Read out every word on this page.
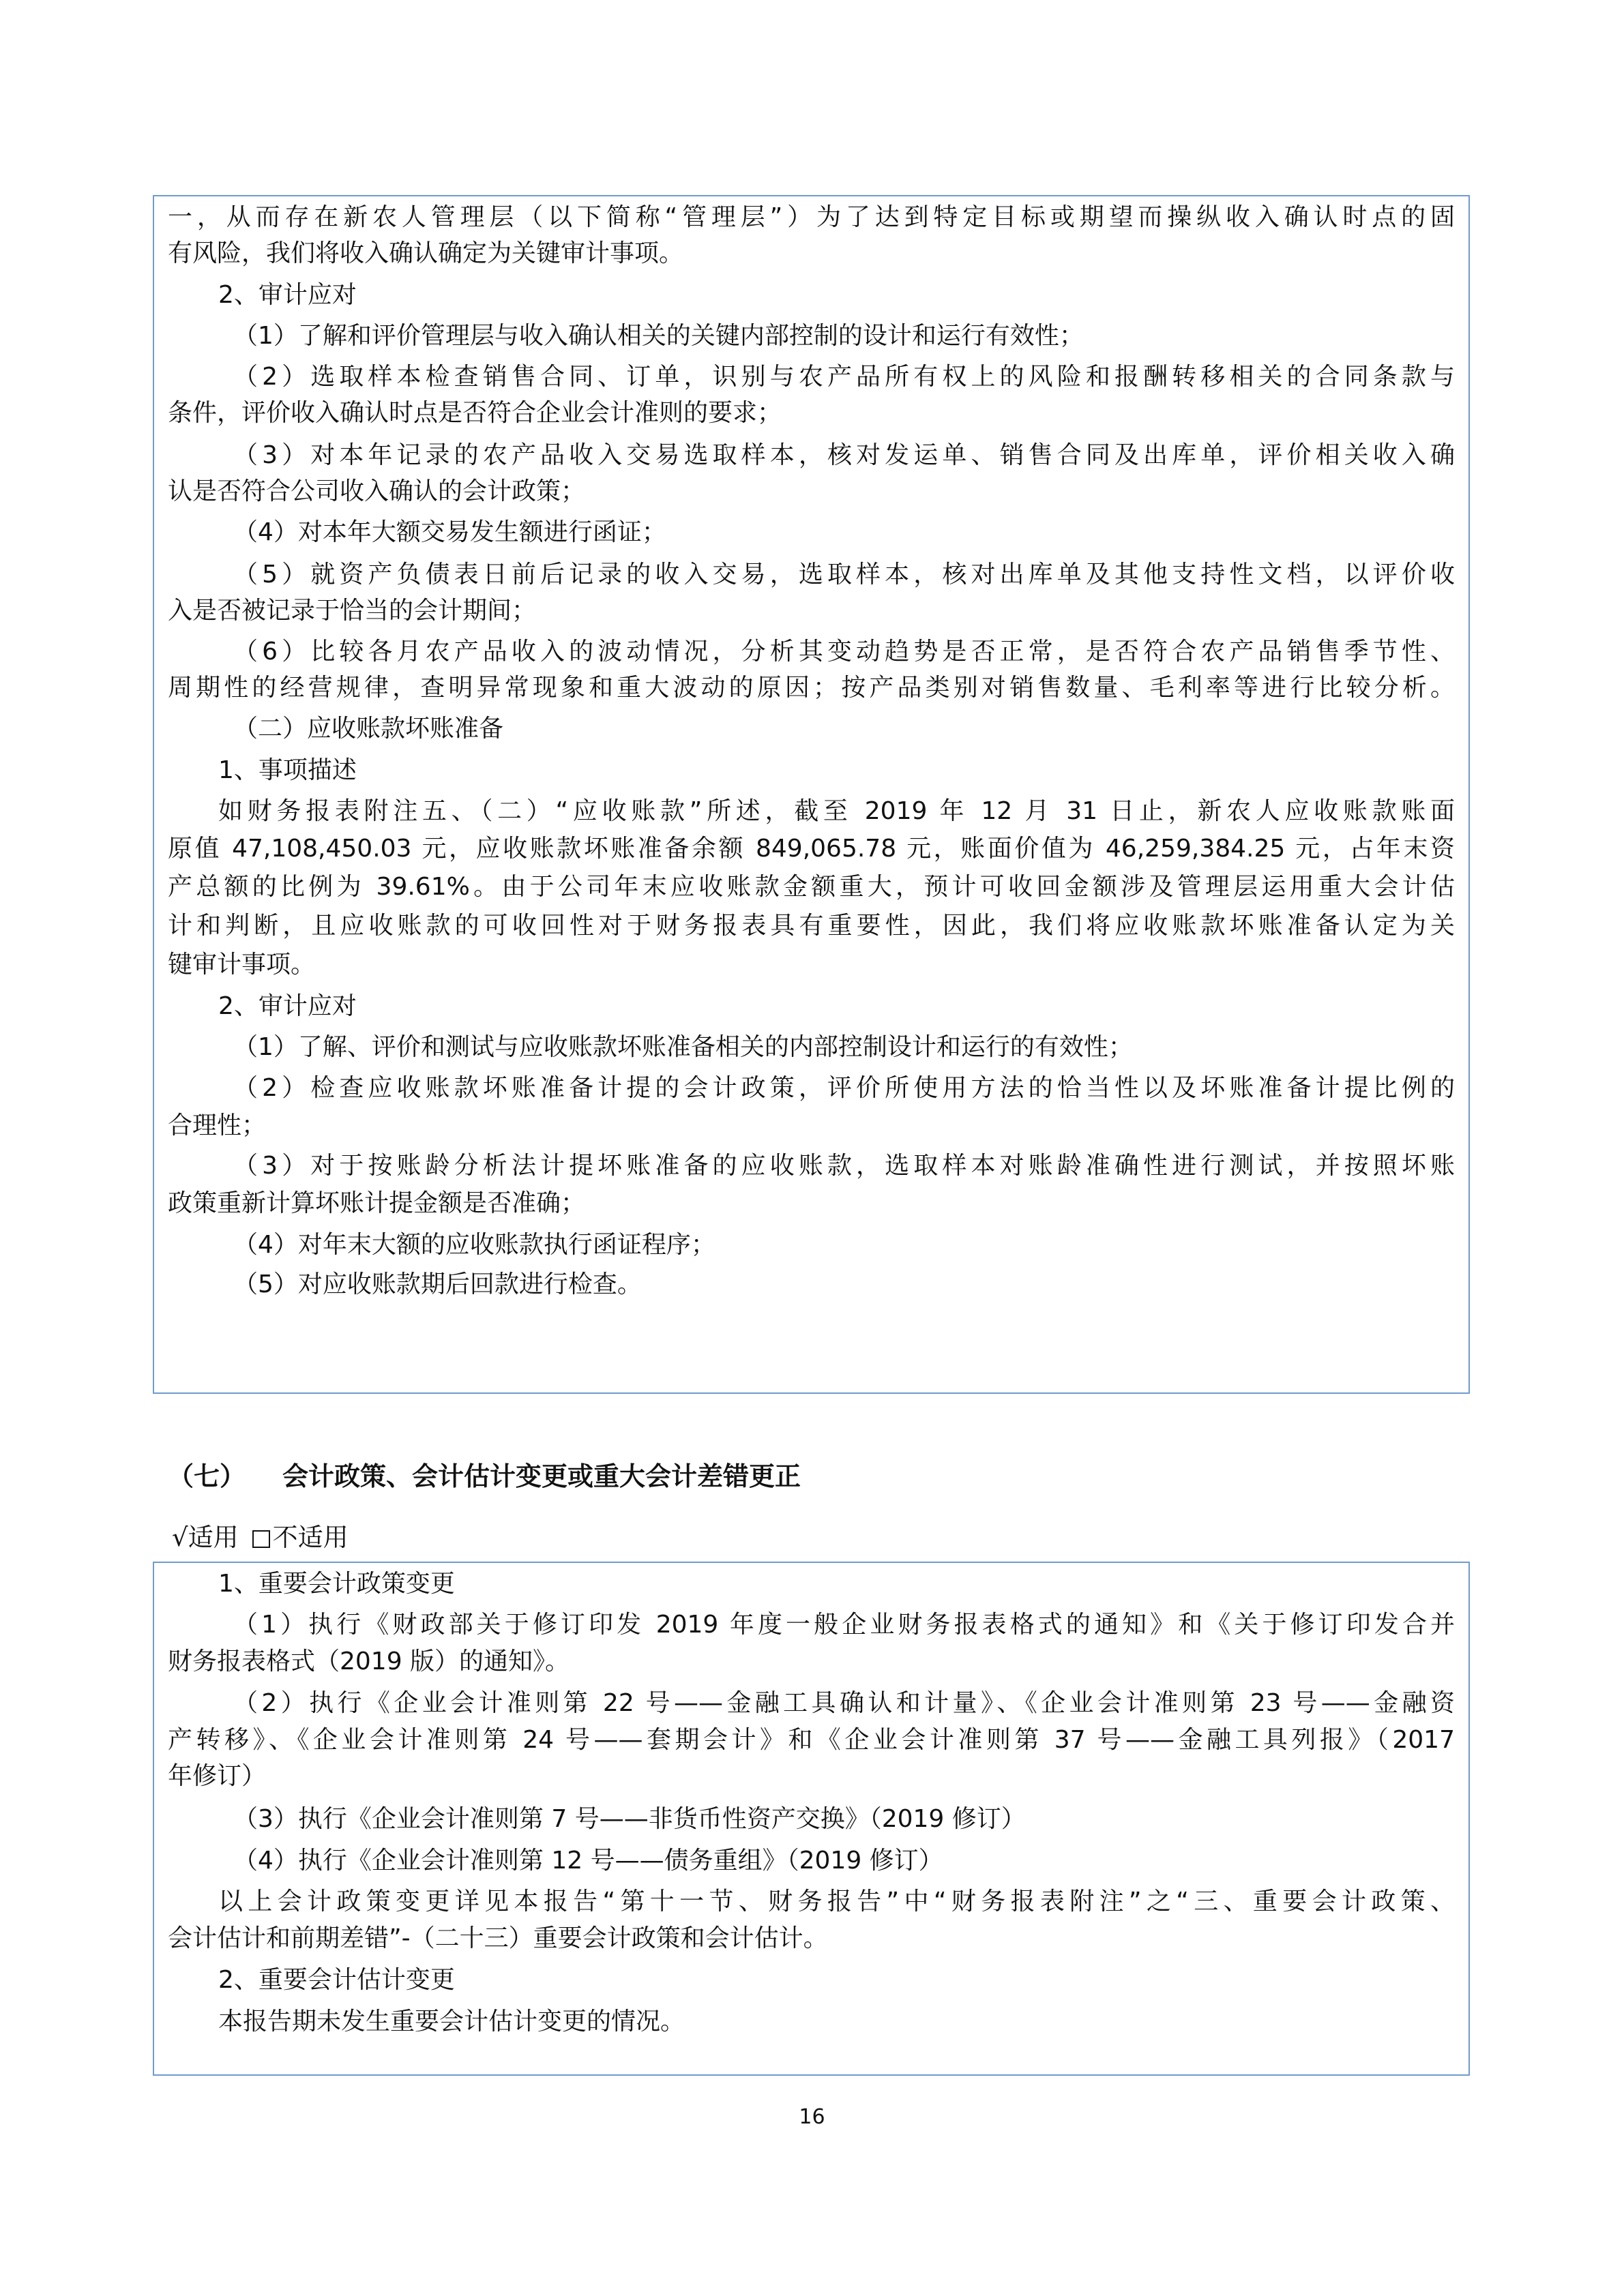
一，从而存在新农人管理层（以下简称“管理层”）为了达到特定目标或期望而操纵收入确认时点的固
有风险，我们将收入确认确定为关键审计事项。
2、审计应对
（1）了解和评价管理层与收入确认相关的关键内部控制的设计和运行有效性；
（2）选取样本检查销售合同、订单，识别与农产品所有权上的风险和报酬转移相关的合同条款与
条件，评价收入确认时点是否符合企业会计准则的要求；
（3）对本年记录的农产品收入交易选取样本，核对发运单、销售合同及出库单，评价相关收入确
认是否符合公司收入确认的会计政策；
（4）对本年大额交易发生额进行函证；
（5）就资产负债表日前后记录的收入交易，选取样本，核对出库单及其他支持性文档，以评价收
入是否被记录于恰当的会计期间；
（6）比较各月农产品收入的波动情况，分析其变动趋势是否正常，是否符合农产品销售季节性、
周期性的经营规律，查明异常现象和重大波动的原因；按产品类别对销售数量、毛利率等进行比较分析。
（二）应收账款坏账准备
1、事项描述
如财务报表附注五、（二）“应收账款”所述，截至 2019 年 12 月 31 日止，新农人应收账款账面
原值 47,108,450.03 元，应收账款坏账准备余额 849,065.78 元，账面价值为 46,259,384.25 元，占年末资
产总额的比例为 39.61%。由于公司年末应收账款金额重大，预计可收回金额涉及管理层运用重大会计估
计和判断，且应收账款的可收回性对于财务报表具有重要性，因此，我们将应收账款坏账准备认定为关
键审计事项。
2、审计应对
（1）了解、评价和测试与应收账款坏账准备相关的内部控制设计和运行的有效性；
（2）检查应收账款坏账准备计提的会计政策，评价所使用方法的恰当性以及坏账准备计提比例的
合理性；
（3）对于按账龄分析法计提坏账准备的应收账款，选取样本对账龄准确性进行测试，并按照坏账
政策重新计算坏账计提金额是否准确；
（4）对年末大额的应收账款执行函证程序；
（5）对应收账款期后回款进行检查。
（七） 会计政策、会计估计变更或重大会计差错更正
√适用 不适用
1、重要会计政策变更
（1）执行《财政部关于修订印发 2019 年度一般企业财务报表格式的通知》和《关于修订印发合并
财务报表格式（2019 版）的通知》。
（2）执行《企业会计准则第 22 号——金融工具确认和计量》、《企业会计准则第 23 号——金融资
产转移》、《企业会计准则第 24 号——套期会计》和《企业会计准则第 37 号——金融工具列报》（2017
年修订）
（3）执行《企业会计准则第 7 号——非货币性资产交换》（2019 修订）
（4）执行《企业会计准则第 12 号——债务重组》（2019 修订）
以上会计政策变更详见本报告“第十一节、财务报告”中“财务报表附注”之“三、重要会计政策、
会计估计和前期差错”-（二十三）重要会计政策和会计估计。
2、重要会计估计变更
本报告期未发生重要会计估计变更的情况。
16
